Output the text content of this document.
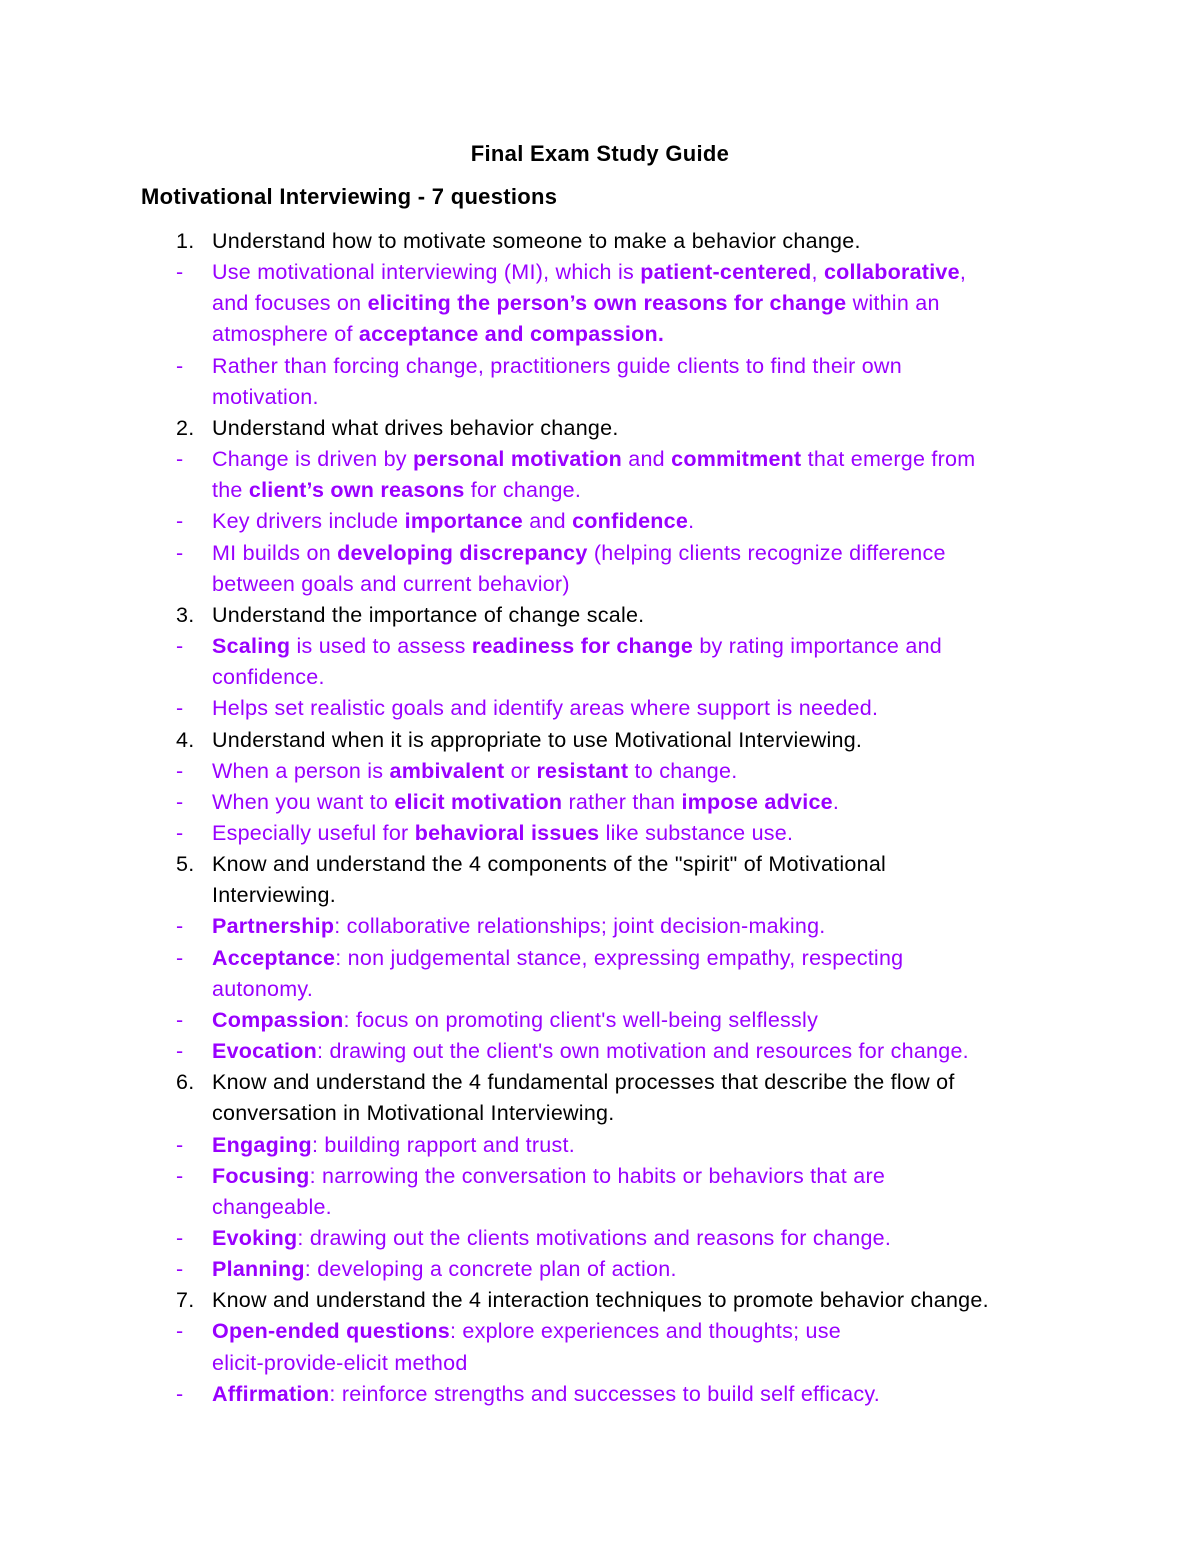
Final Exam Study Guide
Motivational Interviewing - 7 questions
1. Understand how to motivate someone to make a behavior change.
- Use motivational interviewing (MI), which is patient-centered, collaborative,
and focuses on eliciting the person’s own reasons for change within an
atmosphere of acceptance and compassion.
- Rather than forcing change, practitioners guide clients to find their own
motivation.
2. Understand what drives behavior change.
- Change is driven by personal motivation and commitment that emerge from
the client’s own reasons for change.
- Key drivers include importance and confidence.
- MI builds on developing discrepancy (helping clients recognize difference
between goals and current behavior)
3. Understand the importance of change scale.
- Scaling is used to assess readiness for change by rating importance and
confidence.
- Helps set realistic goals and identify areas where support is needed.
4. Understand when it is appropriate to use Motivational Interviewing.
- When a person is ambivalent or resistant to change.
- When you want to elicit motivation rather than impose advice.
- Especially useful for behavioral issues like substance use.
5. Know and understand the 4 components of the "spirit" of Motivational
Interviewing.
- Partnership: collaborative relationships; joint decision-making.
- Acceptance: non judgemental stance, expressing empathy, respecting
autonomy.
- Compassion: focus on promoting client's well-being selflessly
- Evocation: drawing out the client's own motivation and resources for change.
6. Know and understand the 4 fundamental processes that describe the flow of
conversation in Motivational Interviewing.
- Engaging: building rapport and trust.
- Focusing: narrowing the conversation to habits or behaviors that are
changeable.
- Evoking: drawing out the clients motivations and reasons for change.
- Planning: developing a concrete plan of action.
7. Know and understand the 4 interaction techniques to promote behavior change.
- Open-ended questions: explore experiences and thoughts; use
elicit-provide-elicit method
- Affirmation: reinforce strengths and successes to build self efficacy.
